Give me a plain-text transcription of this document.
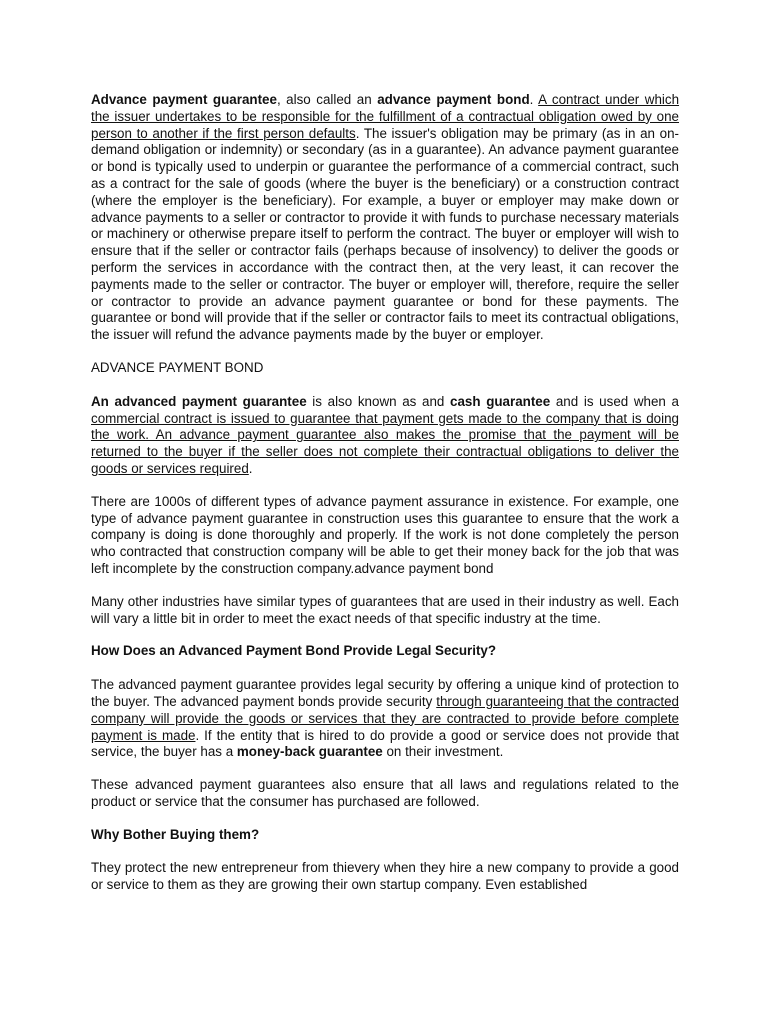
Advance payment guarantee, also called an advance payment bond. A contract under which the issuer undertakes to be responsible for the fulfillment of a contractual obligation owed by one person to another if the first person defaults. The issuer's obligation may be primary (as in an on-demand obligation or indemnity) or secondary (as in a guarantee). An advance payment guarantee or bond is typically used to underpin or guarantee the performance of a commercial contract, such as a contract for the sale of goods (where the buyer is the beneficiary) or a construction contract (where the employer is the beneficiary). For example, a buyer or employer may make down or advance payments to a seller or contractor to provide it with funds to purchase necessary materials or machinery or otherwise prepare itself to perform the contract. The buyer or employer will wish to ensure that if the seller or contractor fails (perhaps because of insolvency) to deliver the goods or perform the services in accordance with the contract then, at the very least, it can recover the payments made to the seller or contractor. The buyer or employer will, therefore, require the seller or contractor to provide an advance payment guarantee or bond for these payments. The guarantee or bond will provide that if the seller or contractor fails to meet its contractual obligations, the issuer will refund the advance payments made by the buyer or employer.

ADVANCE PAYMENT BOND

An advanced payment guarantee is also known as and cash guarantee and is used when a commercial contract is issued to guarantee that payment gets made to the company that is doing the work. An advance payment guarantee also makes the promise that the payment will be returned to the buyer if the seller does not complete their contractual obligations to deliver the goods or services required.

There are 1000s of different types of advance payment assurance in existence. For example, one type of advance payment guarantee in construction uses this guarantee to ensure that the work a company is doing is done thoroughly and properly. If the work is not done completely the person who contracted that construction company will be able to get their money back for the job that was left incomplete by the construction company.advance payment bond

Many other industries have similar types of guarantees that are used in their industry as well. Each will vary a little bit in order to meet the exact needs of that specific industry at the time.

How Does an Advanced Payment Bond Provide Legal Security?

The advanced payment guarantee provides legal security by offering a unique kind of protection to the buyer. The advanced payment bonds provide security through guaranteeing that the contracted company will provide the goods or services that they are contracted to provide before complete payment is made. If the entity that is hired to do provide a good or service does not provide that service, the buyer has a money-back guarantee on their investment.

These advanced payment guarantees also ensure that all laws and regulations related to the product or service that the consumer has purchased are followed.

Why Bother Buying them?

They protect the new entrepreneur from thievery when they hire a new company to provide a good or service to them as they are growing their own startup company. Even established
